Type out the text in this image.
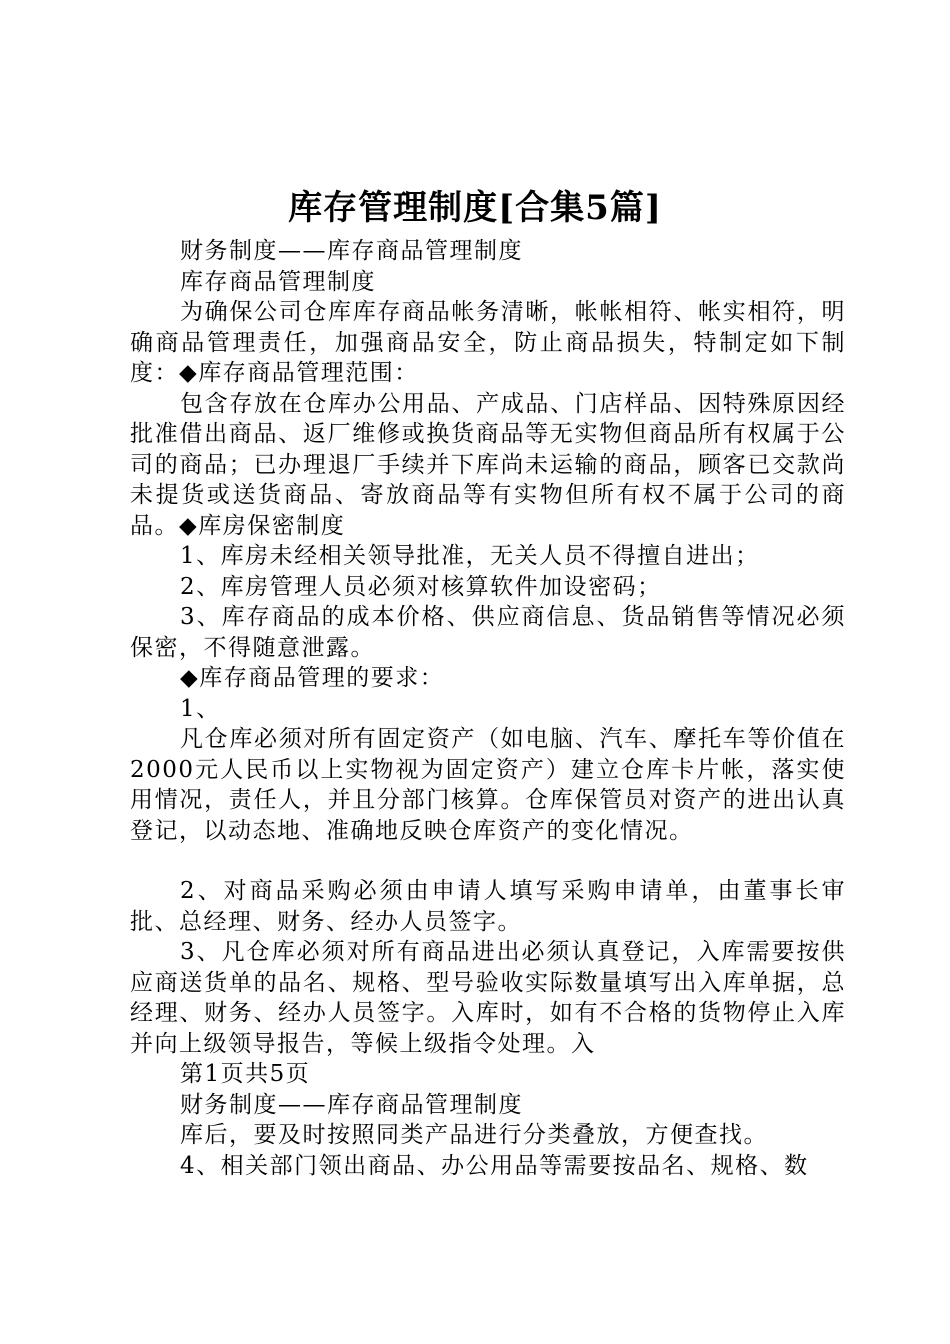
库存管理制度[合集5篇]

财务制度——库存商品管理制度

库存商品管理制度

为确保公司仓库库存商品帐务清晰，帐帐相符、帐实相符，明确商品管理责任，加强商品安全，防止商品损失，特制定如下制度：◆库存商品管理范围：

包含存放在仓库办公用品、产成品、门店样品、因特殊原因经批准借出商品、返厂维修或换货商品等无实物但商品所有权属于公司的商品；已办理退厂手续并下库尚未运输的商品，顾客已交款尚未提货或送货商品、寄放商品等有实物但所有权不属于公司的商品。◆库房保密制度

1、库房未经相关领导批准，无关人员不得擅自进出；

2、库房管理人员必须对核算软件加设密码；

3、库存商品的成本价格、供应商信息、货品销售等情况必须保密，不得随意泄露。

◆库存商品管理的要求：

1、

凡仓库必须对所有固定资产（如电脑、汽车、摩托车等价值在2000元人民币以上实物视为固定资产）建立仓库卡片帐，落实使用情况，责任人，并且分部门核算。仓库保管员对资产的进出认真登记，以动态地、准确地反映仓库资产的变化情况。

2、对商品采购必须由申请人填写采购申请单，由董事长审批、总经理、财务、经办人员签字。

3、凡仓库必须对所有商品进出必须认真登记，入库需要按供应商送货单的品名、规格、型号验收实际数量填写出入库单据，总经理、财务、经办人员签字。入库时，如有不合格的货物停止入库并向上级领导报告，等候上级指令处理。入

第1页共5页

财务制度——库存商品管理制度

库后，要及时按照同类产品进行分类叠放，方便查找。

4、相关部门领出商品、办公用品等需要按品名、规格、数
